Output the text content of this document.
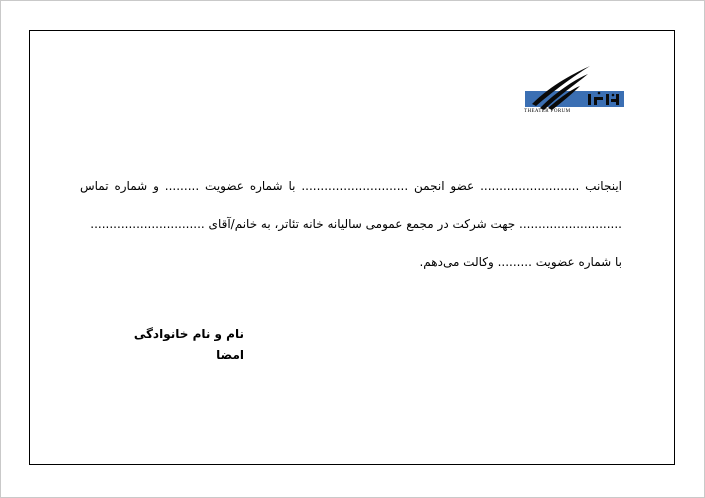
THEATER FORUM
اینجانب .......................... عضو انجمن ............................ با شماره عضویت ......... و شماره تماس
........................... جهت شرکت در مجمع عمومی سالیانه خانه تئاتر، به خانم/آقای ..............................
با شماره عضویت ......... وکالت می‌دهم.
نام و نام خانوادگی
امضا
